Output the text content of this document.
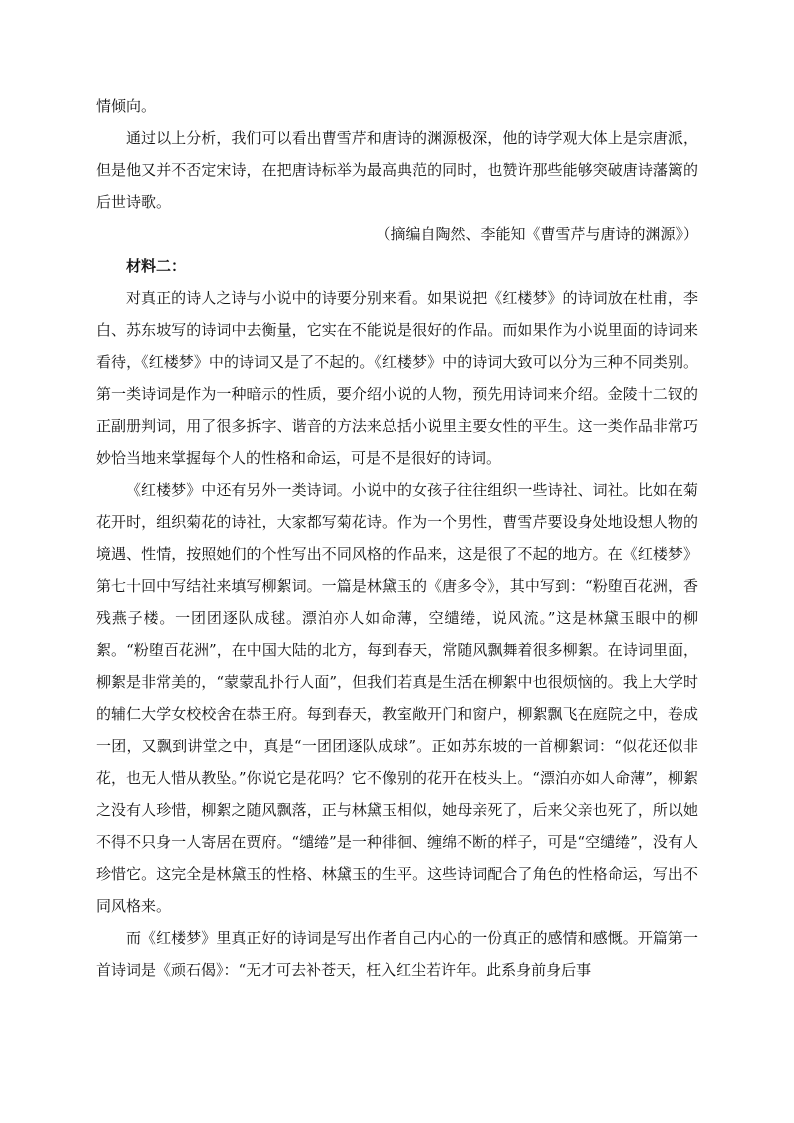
情倾向。

通过以上分析，我们可以看出曹雪芹和唐诗的渊源极深，他的诗学观大体上是宗唐派，但是他又并不否定宋诗，在把唐诗标举为最高典范的同时，也赞许那些能够突破唐诗藩篱的后世诗歌。

（摘编自陶然、李能知《曹雪芹与唐诗的渊源》）

材料二：

对真正的诗人之诗与小说中的诗要分别来看。如果说把《红楼梦》的诗词放在杜甫，李白、苏东坡写的诗词中去衡量，它实在不能说是很好的作品。而如果作为小说里面的诗词来看待，《红楼梦》中的诗词又是了不起的。《红楼梦》中的诗词大致可以分为三种不同类别。第一类诗词是作为一种暗示的性质，要介绍小说的人物，预先用诗词来介绍。金陵十二钗的正副册判词，用了很多拆字、谐音的方法来总括小说里主要女性的平生。这一类作品非常巧妙恰当地来掌握每个人的性格和命运，可是不是很好的诗词。

《红楼梦》中还有另外一类诗词。小说中的女孩子往往组织一些诗社、词社。比如在菊花开时，组织菊花的诗社，大家都写菊花诗。作为一个男性，曹雪芹要设身处地设想人物的境遇、性情，按照她们的个性写出不同风格的作品来，这是很了不起的地方。在《红楼梦》第七十回中写结社来填写柳絮词。一篇是林黛玉的《唐多令》，其中写到：“粉堕百花洲，香残燕子楼。一团团逐队成毬。漂泊亦人如命薄，空缱绻，说风流。”这是林黛玉眼中的柳絮。“粉堕百花洲”，在中国大陆的北方，每到春天，常随风飘舞着很多柳絮。在诗词里面，柳絮是非常美的，“蒙蒙乱扑行人面”，但我们若真是生活在柳絮中也很烦恼的。我上大学时的辅仁大学女校校舍在恭王府。每到春天，教室敞开门和窗户，柳絮飘飞在庭院之中，卷成一团，又飘到讲堂之中，真是“一团团逐队成球”。正如苏东坡的一首柳絮词：“似花还似非花，也无人惜从教坠。”你说它是花吗？它不像别的花开在枝头上。“漂泊亦如人命薄”，柳絮之没有人珍惜，柳絮之随风飘落，正与林黛玉相似，她母亲死了，后来父亲也死了，所以她不得不只身一人寄居在贾府。“缱绻”是一种徘徊、缠绵不断的样子，可是“空缱绻”，没有人珍惜它。这完全是林黛玉的性格、林黛玉的生平。这些诗词配合了角色的性格命运，写出不同风格来。

而《红楼梦》里真正好的诗词是写出作者自己内心的一份真正的感情和感慨。开篇第一首诗词是《顽石偈》：“无才可去补苍天，枉入红尘若许年。此系身前身后事
